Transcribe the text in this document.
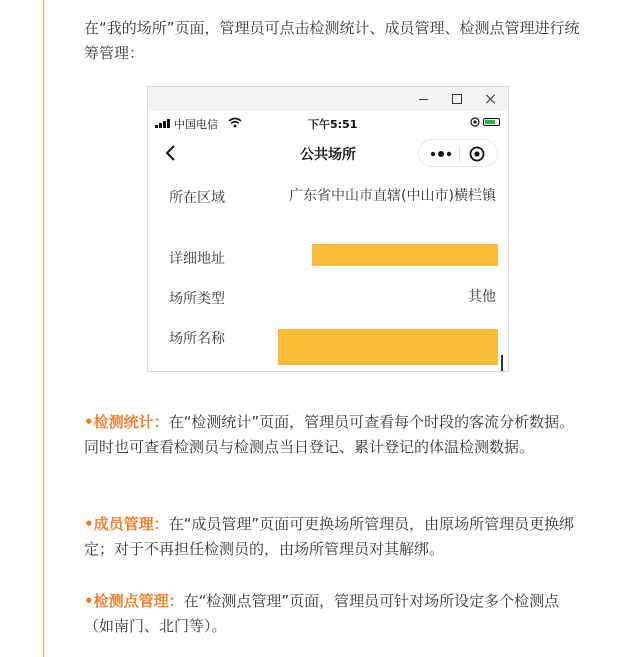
在“我的场所”页面，管理员可点击检测统计、成员管理、检测点管理进行统筹管理：

中国电信	下午5:51
公共场所
所在区域	广东省中山市直辖(中山市)横栏镇
详细地址
场所类型	其他
场所名称

•检测统计：在“检测统计”页面，管理员可查看每个时段的客流分析数据。同时也可查看检测员与检测点当日登记、累计登记的体温检测数据。

•成员管理：在“成员管理”页面可更换场所管理员，由原场所管理员更换绑定；对于不再担任检测员的，由场所管理员对其解绑。

•检测点管理：在“检测点管理”页面，管理员可针对场所设定多个检测点（如南门、北门等）。
